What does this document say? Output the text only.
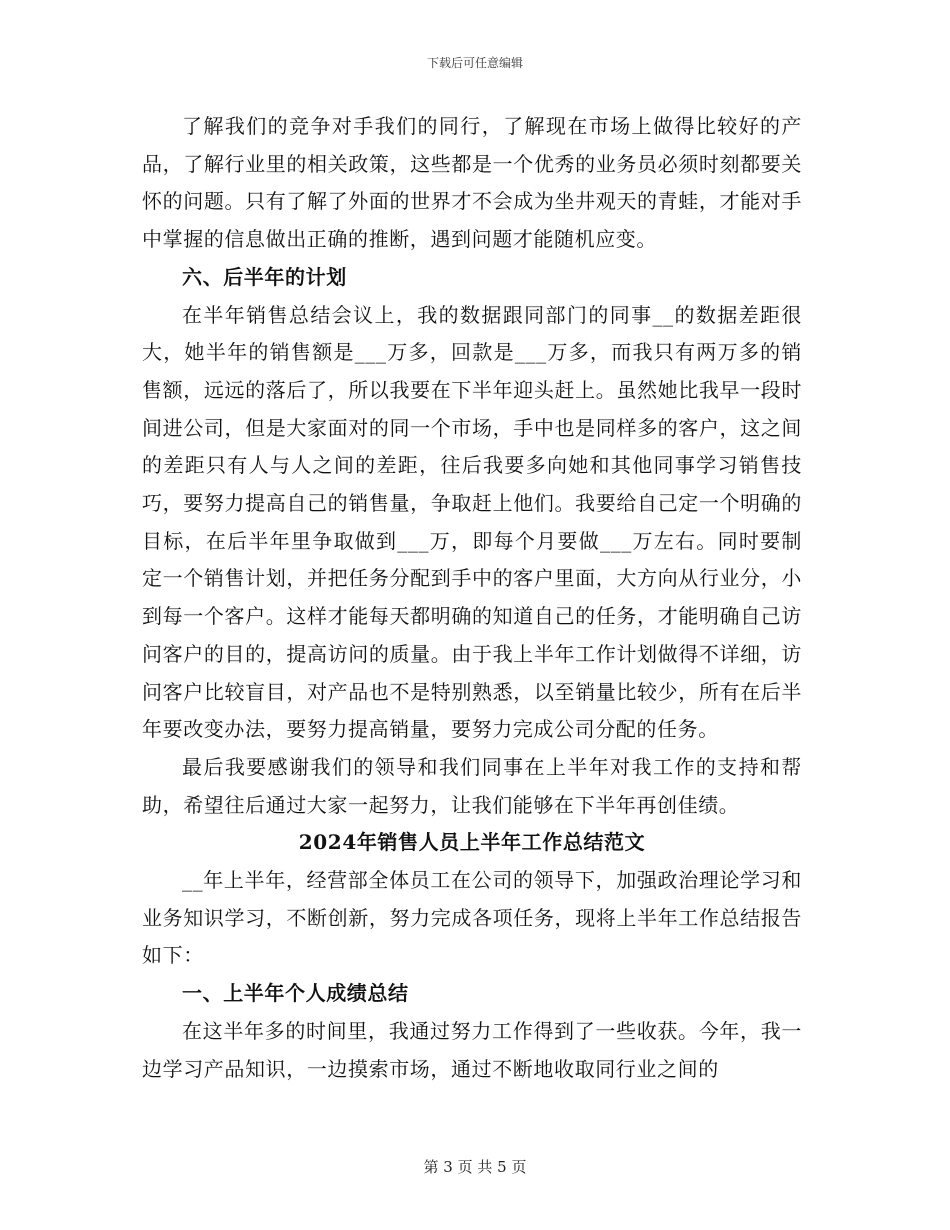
下载后可任意编辑

了解我们的竞争对手我们的同行，了解现在市场上做得比较好的产品，了解行业里的相关政策，这些都是一个优秀的业务员必须时刻都要关怀的问题。只有了解了外面的世界才不会成为坐井观天的青蛙，才能对手中掌握的信息做出正确的推断，遇到问题才能随机应变。

六、后半年的计划

在半年销售总结会议上，我的数据跟同部门的同事__的数据差距很大，她半年的销售额是___万多，回款是___万多，而我只有两万多的销售额，远远的落后了，所以我要在下半年迎头赶上。虽然她比我早一段时间进公司，但是大家面对的同一个市场，手中也是同样多的客户，这之间的差距只有人与人之间的差距，往后我要多向她和其他同事学习销售技巧，要努力提高自己的销售量，争取赶上他们。我要给自己定一个明确的目标，在后半年里争取做到___万，即每个月要做___万左右。同时要制定一个销售计划，并把任务分配到手中的客户里面，大方向从行业分，小到每一个客户。这样才能每天都明确的知道自己的任务，才能明确自己访问客户的目的，提高访问的质量。由于我上半年工作计划做得不详细，访问客户比较盲目，对产品也不是特别熟悉，以至销量比较少，所有在后半年要改变办法，要努力提高销量，要努力完成公司分配的任务。

最后我要感谢我们的领导和我们同事在上半年对我工作的支持和帮助，希望往后通过大家一起努力，让我们能够在下半年再创佳绩。

2024年销售人员上半年工作总结范文

__年上半年，经营部全体员工在公司的领导下，加强政治理论学习和业务知识学习，不断创新，努力完成各项任务，现将上半年工作总结报告如下：

一、上半年个人成绩总结

在这半年多的时间里，我通过努力工作得到了一些收获。今年，我一边学习产品知识，一边摸索市场，通过不断地收取同行业之间的

第 3 页 共 5 页
